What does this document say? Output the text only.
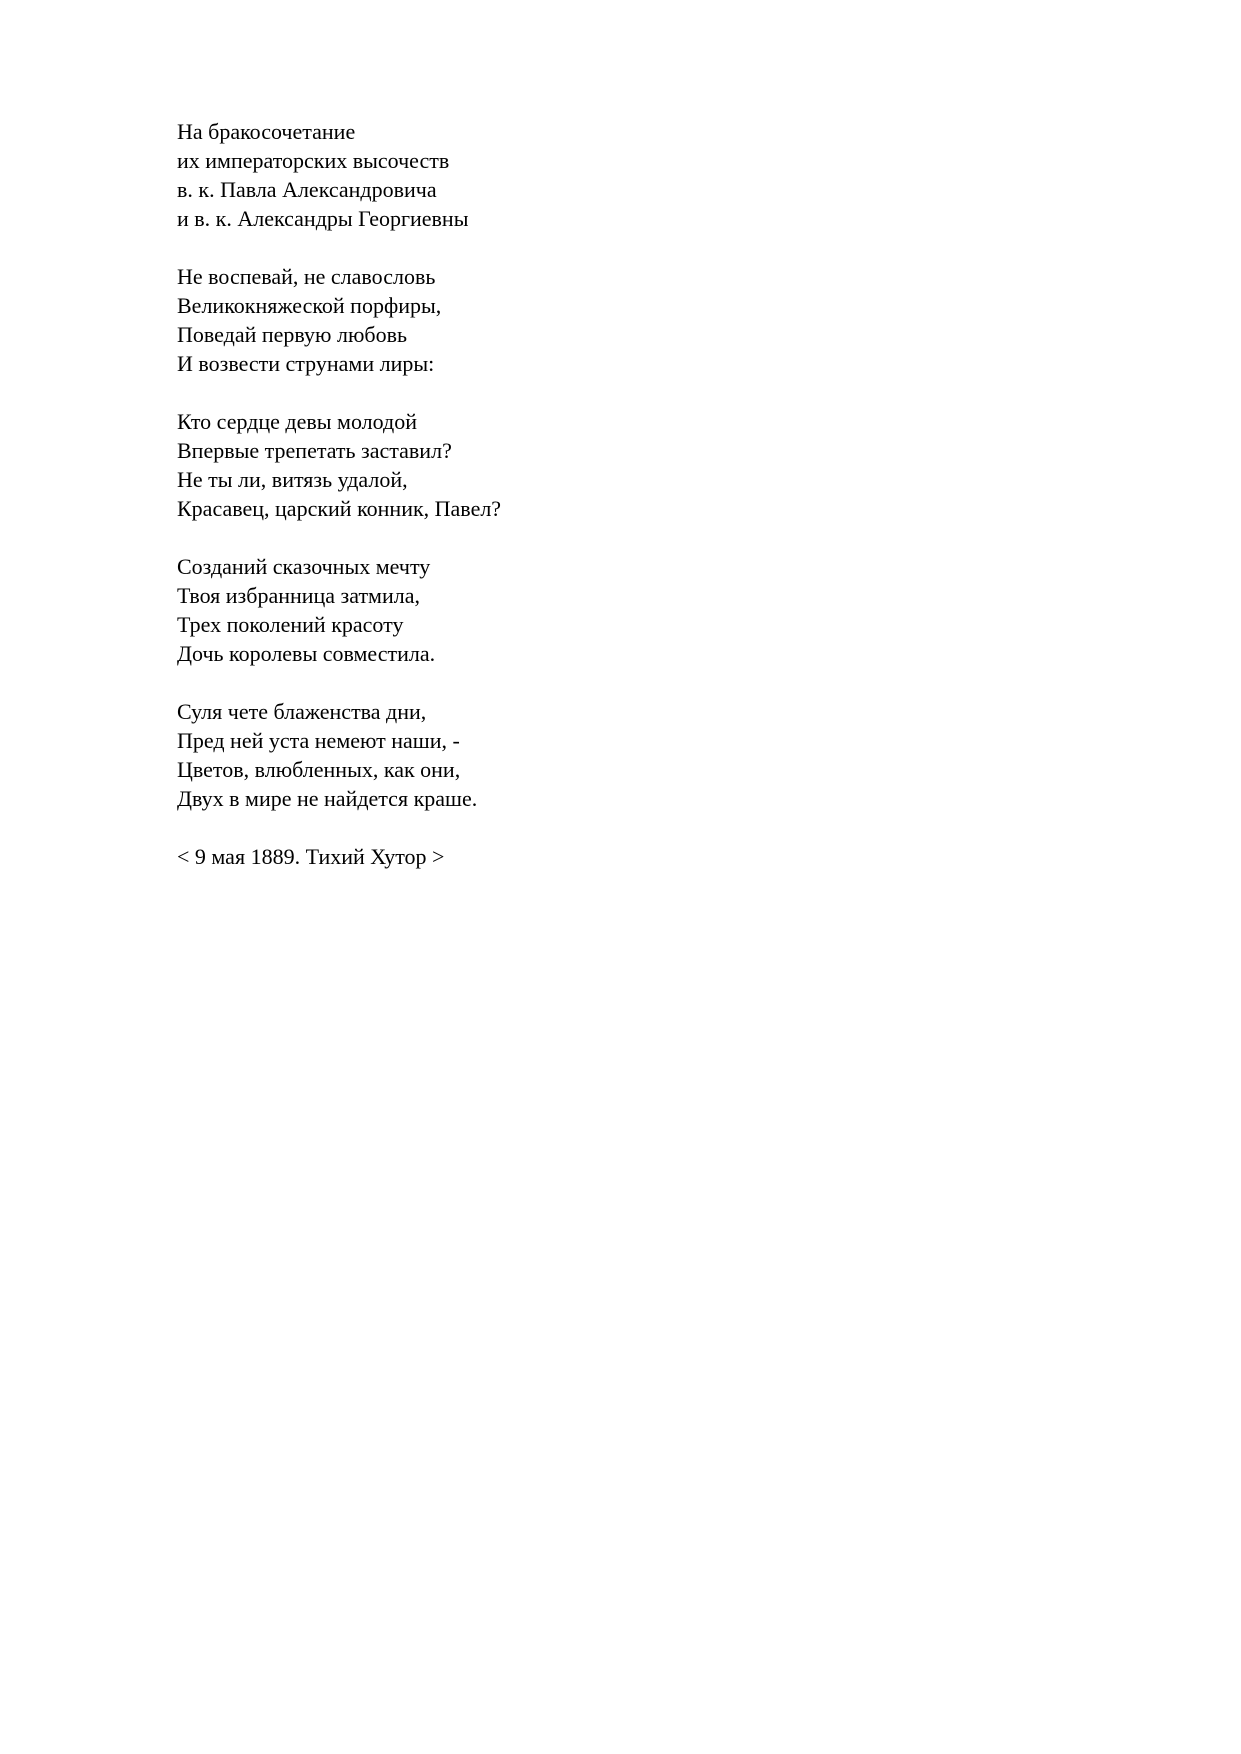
На бракосочетание
их императорских высочеств
в. к. Павла Александровича
и в. к. Александры Георгиевны
Не воспевай, не славословь
Великокняжеской порфиры,
Поведай первую любовь
И возвести струнами лиры:
Кто сердце девы молодой
Впервые трепетать заставил?
Не ты ли, витязь удалой,
Красавец, царский конник, Павел?
Созданий сказочных мечту
Твоя избранница затмила,
Трех поколений красоту
Дочь королевы совместила.
Суля чете блаженства дни,
Пред ней уста немеют наши, -
Цветов, влюбленных, как они,
Двух в мире не найдется краше.
< 9 мая 1889. Тихий Хутор >
